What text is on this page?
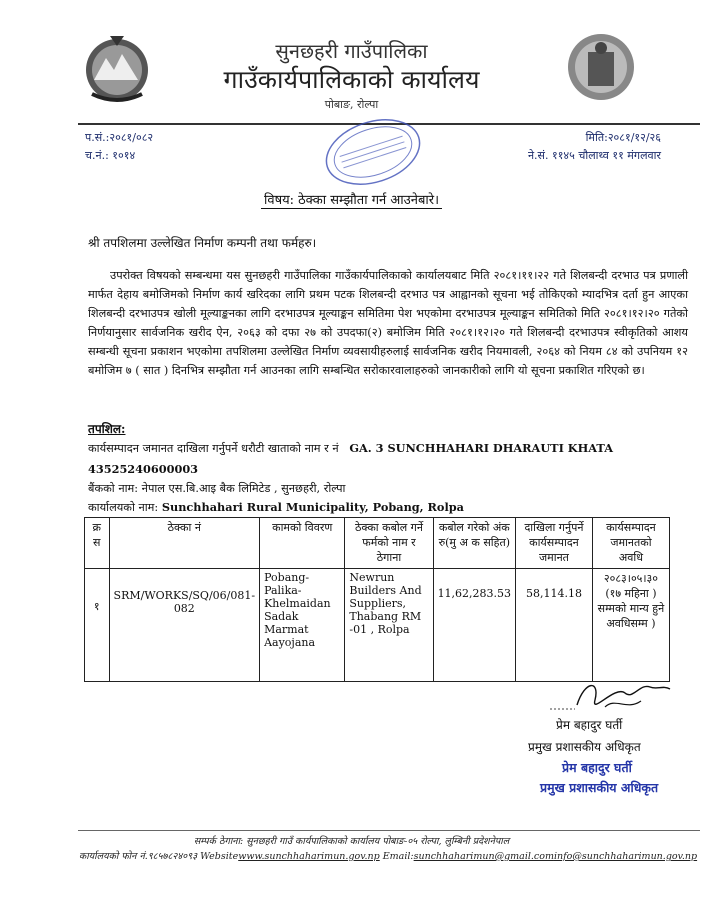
सुनछहरी गाउँपालिका
गाउँकार्यपालिकाको कार्यालय
पोबाङ, रोल्पा
प.सं.:२०८१/०८२
च.नं.: १०१४
मिति:२०८१/१२/२६
ने.सं. ११४५ चौलाथ्व ११ मंगलवार
विषय: ठेक्का सम्झौता गर्न आउनेबारे।
श्री तपशिलमा उल्लेखित निर्माण कम्पनी तथा फर्महरु।

उपरोक्त विषयको सम्बन्धमा यस सुनछहरी गाउँपालिका गाउँकार्यपालिकाको कार्यालयबाट मिति २०८१।११।२२ गते शिलबन्दी दरभाउ पत्र प्रणाली मार्फत देहाय बमोजिमको निर्माण कार्य खरिदका लागि प्रथम पटक शिलबन्दी दरभाउ पत्र आह्वानको सूचना भई तोकिएको म्यादभित्र दर्ता हुन आएका शिलबन्दी दरभाउपत्र खोली मूल्याङ्कनका लागि दरभाउपत्र मूल्याङ्कन समितिमा पेश भएकोमा दरभाउपत्र मूल्याङ्कन समितिको मिति २०८१।१२।२० गतेको निर्णयानुसार सार्वजनिक खरीद ऐन, २०६३ को दफा २७ को उपदफा(२) बमोजिम मिति २०८१।१२।२० गते शिलबन्दी दरभाउपत्र स्वीकृतिको आशय सम्बन्धी सूचना प्रकाशन भएकोमा तपशिलमा उल्लेखित निर्माण व्यवसायीहरुलाई सार्वजनिक खरीद नियमावली, २०६४ को नियम ८४ को उपनियम १२ बमोजिम ७ ( सात ) दिनभित्र सम्झौता गर्न आउनका लागि सम्बन्धित सरोकारवालाहरुको जानकारीको लागि यो सूचना प्रकाशित गरिएको छ।

तपशिल:
कार्यसम्पादन जमानत दाखिला गर्नुपर्ने धरौटी खाताको नाम र नं GA. 3 SUNCHHAHARI DHARAUTI KHATA
43525240600003
बैंकको नाम: नेपाल एस.बि.आइ बैक लिमिटेड , सुनछहरी, रोल्पा
कार्यालयको नाम: Sunchhahari Rural Municipality, Pobang, Rolpa
क्र स	ठेक्का नं	कामको विवरण	ठेक्का कबोल गर्ने फर्मको नाम र ठेगाना	कबोल गरेको अंक रु(मु अ क सहित)	दाखिला गर्नुपर्ने कार्यसम्पादन जमानत	कार्यसम्पादन जमानतको अवधि
१	SRM/WORKS/SQ/06/081-082	Pobang-Palika-Khelmaidan Sadak Marmat Aayojana	Newrun Builders And Suppliers, Thabang RM -01 , Rolpa	11,62,283.53	58,114.18	२०८३।०५।३० (१७ महिना ) सम्मको मान्य हुने अवधिसम्म )
प्रेम बहादुर घर्ती
प्रमुख प्रशासकीय अधिकृत
प्रेम बहादुर घर्ती
प्रमुख प्रशासकीय अधिकृत
सम्पर्क ठेगाना: सुनछहरी गाउँ कार्यपालिकाको कार्यालय पोबाङ-०५ रोल्पा, लुम्बिनी प्रदेशनेपाल
कार्यालयको फोन नं.९८५७८२४०९३ Websitewww.sunchhaharimun.gov.np Email:sunchhaharimun@gmail.cominfo@sunchhaharimun.gov.np
